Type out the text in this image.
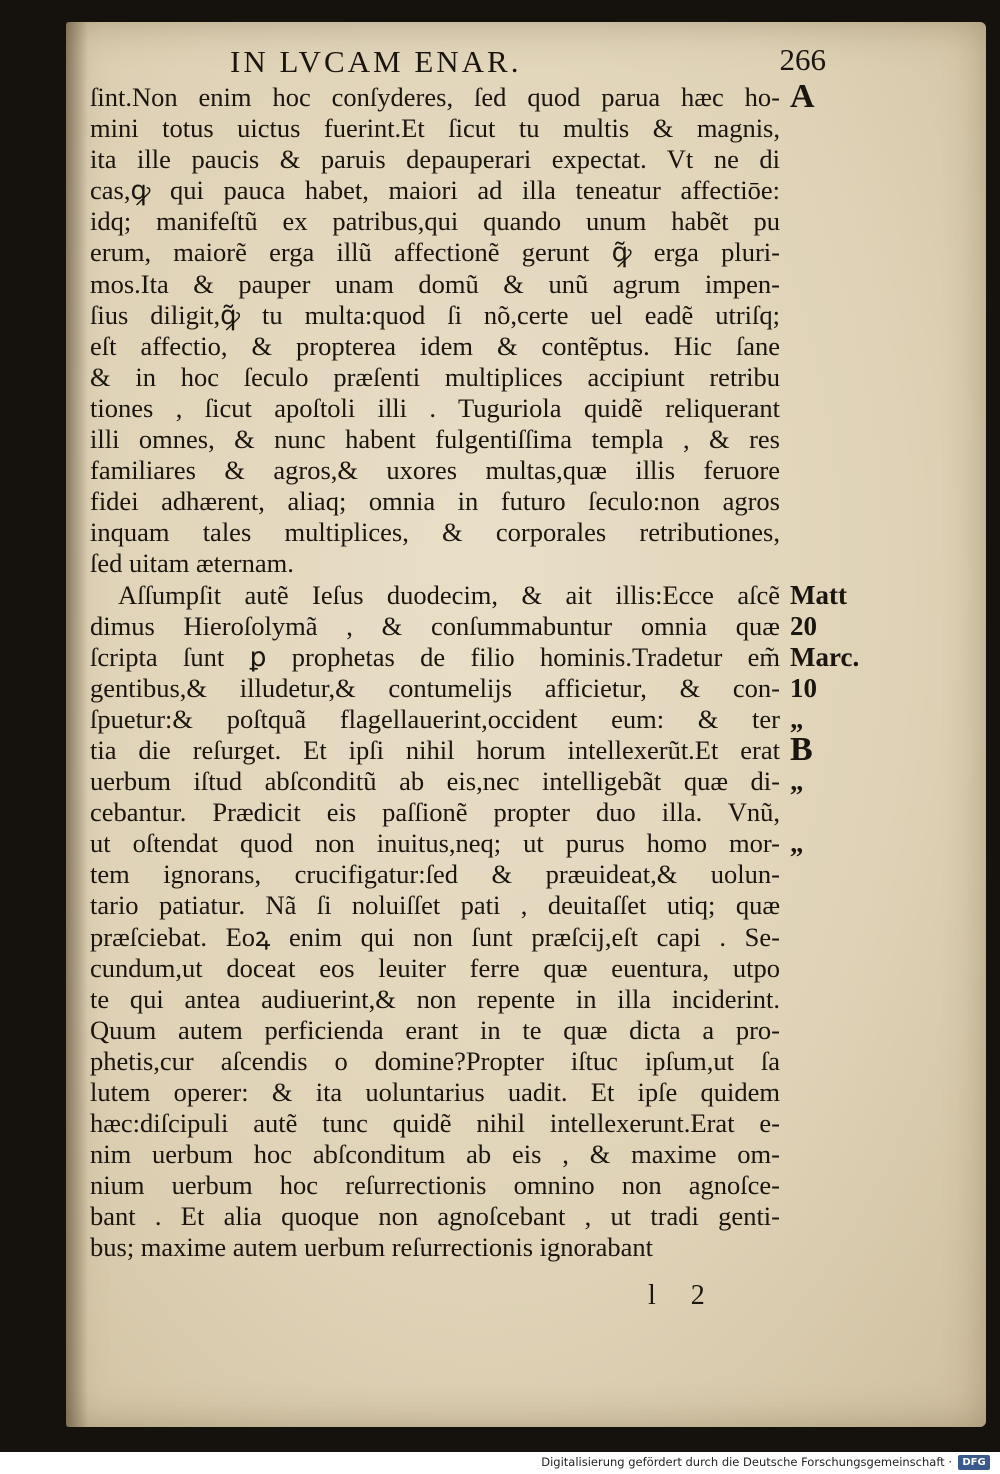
IN LVCAM ENAR.	266
ſint.Non enim hoc conſyderes, ſed quod parua hæc ho-
mini totus uictus fuerint.Et ſicut tu multis & magnis,
ita ille paucis & paruis depauperari expectat. Vt ne di
cas,ꝙ qui pauca habet, maiori ad illa teneatur affectiōe:
idq; manifeſtũ ex patribus,qui quando unum habẽt pu
erum, maiorẽ erga illũ affectionẽ gerunt ꝙ̃ erga pluri-
mos.Ita & pauper unam domũ & unũ agrum impen-
ſius diligit,ꝙ̃ tu multa:quod ſi nõ,certe uel eadẽ utriſq;
eſt affectio, & propterea idem & contẽptus. Hic ſane
& in hoc ſeculo præſenti multiplices accipiunt retribu
tiones , ſicut apoſtoli illi . Tuguriola quidẽ reliquerant
illi omnes, & nunc habent fulgentiſſima templa , & res
familiares & agros,& uxores multas,quæ illis feruore
fidei adhærent, aliaq; omnia in futuro ſeculo:non agros
inquam tales multiplices, & corporales retributiones,
ſed uitam æternam.
Aſſumpſit autẽ Ieſus duodecim, & ait illis:Ecce aſcẽ
dimus Hieroſolymã , & conſummabuntur omnia quæ
ſcripta ſunt ꝑ prophetas de filio hominis.Tradetur em̃
gentibus,& illudetur,& contumelijs afficietur, & con-
ſpuetur:& poſtquã flagellauerint,occident eum: & ter
tia die reſurget. Et ipſi nihil horum intellexerũt.Et erat
uerbum iſtud abſconditũ ab eis,nec intelligebãt quæ di-
cebantur. Prædicit eis paſſionẽ propter duo illa. Vnũ,
ut oſtendat quod non inuitus,neq; ut purus homo mor-
tem ignorans, crucifigatur:ſed & præuideat,& uolun-
tario patiatur. Nã ſi noluiſſet pati , deuitaſſet utiq; quæ
præſciebat. Eoꝝ enim qui non ſunt præſcij,eſt capi . Se-
cundum,ut doceat eos leuiter ferre quæ euentura, utpo
te qui antea audiuerint,& non repente in illa inciderint.
Quum autem perficienda erant in te quæ dicta a pro-
phetis,cur aſcendis o domine?Propter iſtuc ipſum,ut ſa
lutem operer: & ita uoluntarius uadit. Et ipſe quidem
hæc:diſcipuli autẽ tunc quidẽ nihil intellexerunt.Erat e-
nim uerbum hoc abſconditum ab eis , & maxime om-
nium uerbum hoc reſurrectionis omnino non agnoſce-
bant . Et alia quoque non agnoſcebant , ut tradi genti-
bus; maxime autem uerbum reſurrectionis ignorabant
A
Matt
20
Marc.
10
„
B
„
„
l 2
Digitalisierung gefördert durch die Deutsche Forschungsgemeinschaft ·	DFG
